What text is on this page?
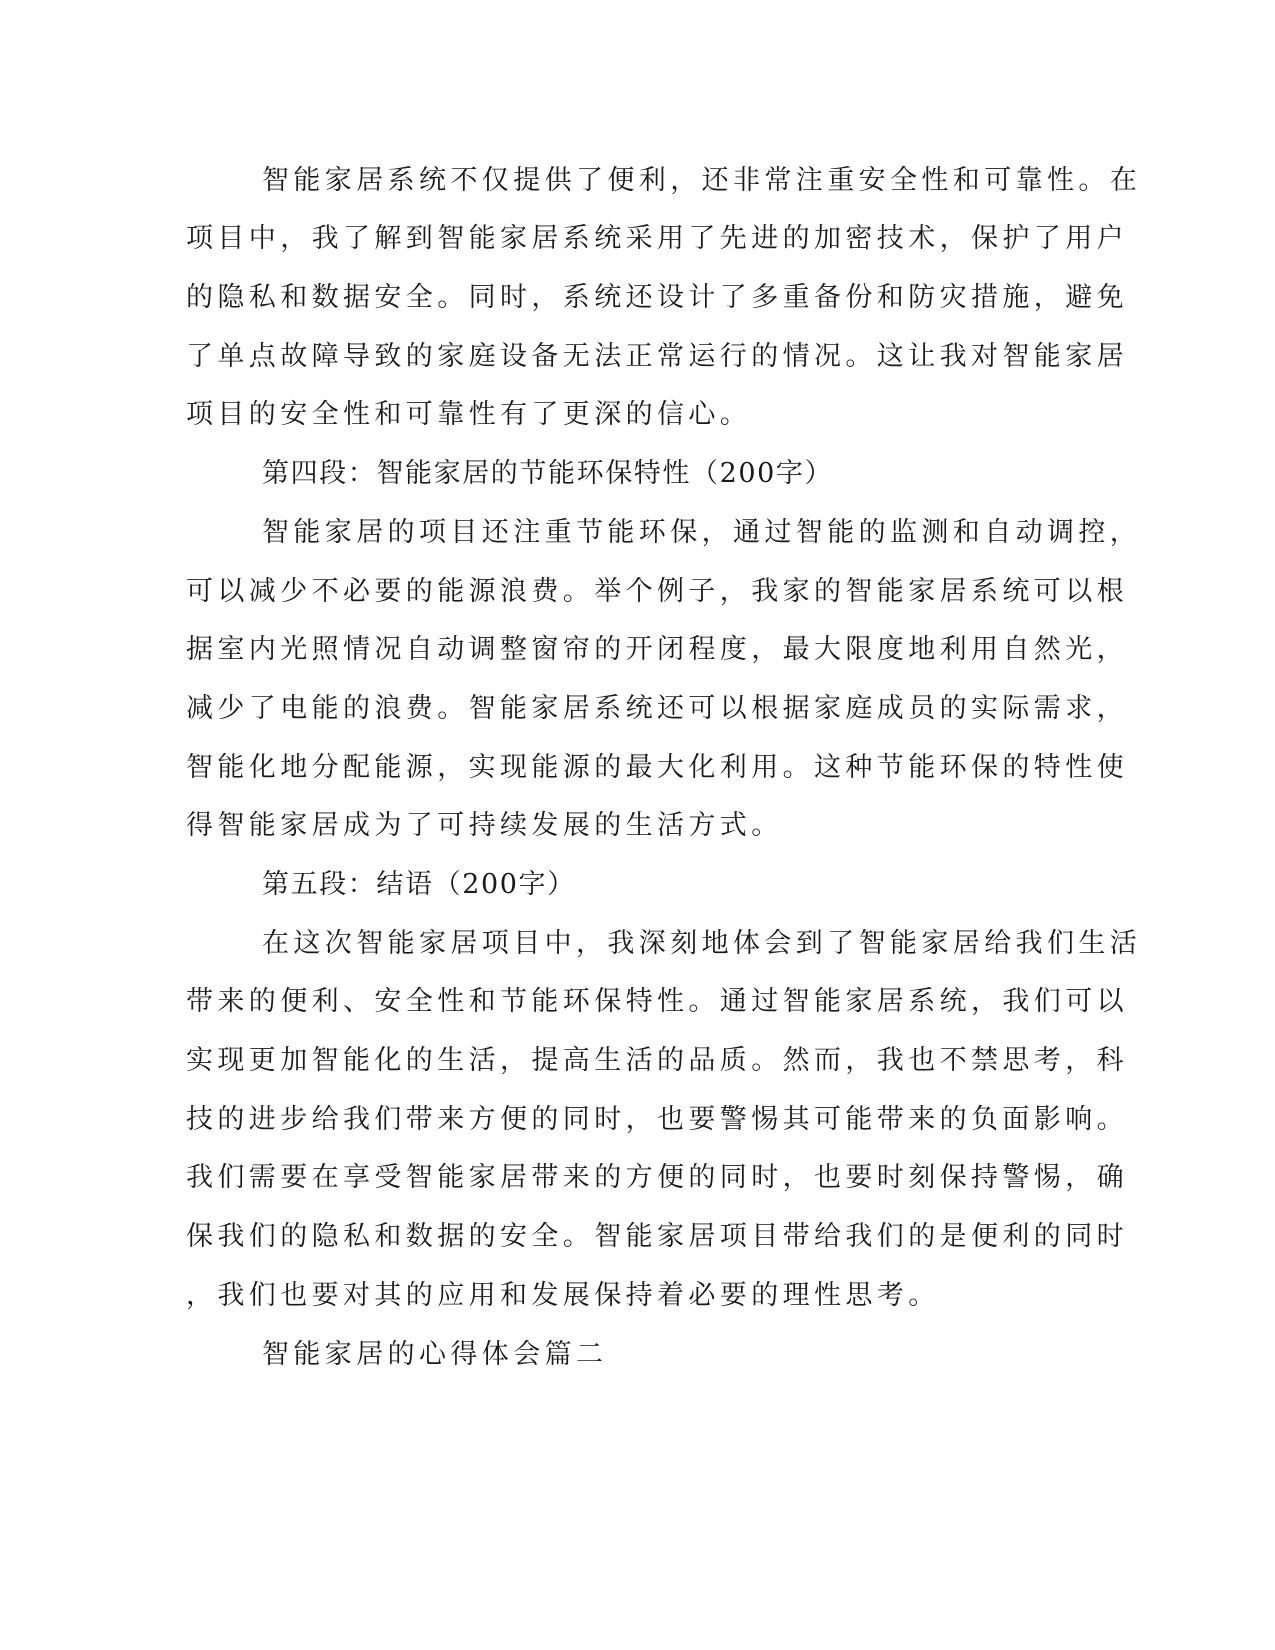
智能家居系统不仅提供了便利，还非常注重安全性和可靠性。在
项目中，我了解到智能家居系统采用了先进的加密技术，保护了用户
的隐私和数据安全。同时，系统还设计了多重备份和防灾措施，避免
了单点故障导致的家庭设备无法正常运行的情况。这让我对智能家居
项目的安全性和可靠性有了更深的信心。
第四段：智能家居的节能环保特性（200字）
智能家居的项目还注重节能环保，通过智能的监测和自动调控，
可以减少不必要的能源浪费。举个例子，我家的智能家居系统可以根
据室内光照情况自动调整窗帘的开闭程度，最大限度地利用自然光，
减少了电能的浪费。智能家居系统还可以根据家庭成员的实际需求，
智能化地分配能源，实现能源的最大化利用。这种节能环保的特性使
得智能家居成为了可持续发展的生活方式。
第五段：结语（200字）
在这次智能家居项目中，我深刻地体会到了智能家居给我们生活
带来的便利、安全性和节能环保特性。通过智能家居系统，我们可以
实现更加智能化的生活，提高生活的品质。然而，我也不禁思考，科
技的进步给我们带来方便的同时，也要警惕其可能带来的负面影响。
我们需要在享受智能家居带来的方便的同时，也要时刻保持警惕，确
保我们的隐私和数据的安全。智能家居项目带给我们的是便利的同时
，我们也要对其的应用和发展保持着必要的理性思考。
智能家居的心得体会篇二
